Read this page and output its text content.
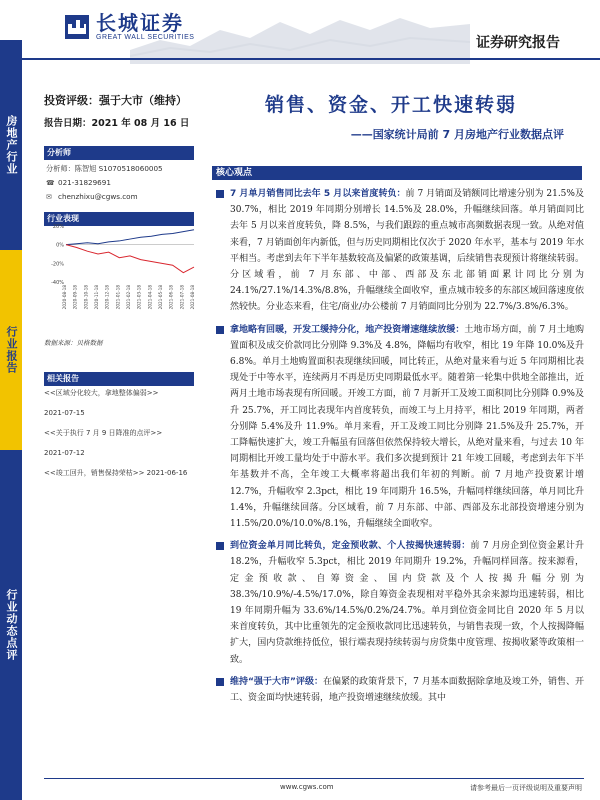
长城证券
GREAT WALL SECURITIES	证券研究报告
房地产行业
行业报告
行业动态点评
投资评级：强于大市（维持）
报告日期：2021 年 08 月 16 日
分析师
分析师：陈智旭 S1070518060005
☎ 021-31829691
✉ chenzhixu@cgws.com
行业表现
-40%
-20%
0%
20%
2020-08-18 2020-09-18 2020-10-18 2020-11-18 2020-12-18 2021-01-18 2021-02-18 2021-03-18 2021-04-18 2021-05-18 2021-06-18 2021-07-18 2021-08-18
数据来源：贝格数据
相关报告
<<区域分化较大，拿地整体偏弱>>
2021-07-15
<<关于执行 7 月 9 日降准的点评>>
2021-07-12
<<竣工回升，销售保持荣枯>> 2021-06-16
销售、资金、开工快速转弱
——国家统计局前 7 月房地产行业数据点评
核心观点
7 月单月销售同比去年 5 月以来首度转负：前 7 月销面及销额同比增速分别为 21.5%及 30.7%，相比 2019 年同期分别增长 14.5%及 28.0%，升幅继续回落。单月销面同比去年 5 月以来首度转负，降 8.5%，与我们跟踪的重点城市高频数据表现一致。从绝对值来看，7 月销面创年内新低，但与历史同期相比仅次于 2020 年水平，基本与 2019 年水平相当。考虑到去年下半年基数较高及偏紧的政策基调，后续销售表现预计将继续转弱。分区域看，前 7 月东部、中部、西部及东北部销面累计同比分别为 24.1%/27.1%/14.3%/8.8%，升幅继续全面收窄，重点城市较多的东部区域回落速度依然较快。分业态来看，住宅/商业/办公楼前 7 月销面同比分别为 22.7%/3.8%/6.3%。
拿地略有回暖，开发工缓持分化，地产投资增速继续放缓：土地市场方面，前 7 月土地购置面积及成交价款同比分别降 9.3%及 4.8%，降幅均有收窄，相比 19 年降 10.0%及升 6.8%。单月土地购置面积表现继续回暖，同比转正，从绝对量来看与近 5 年同期相比表现处于中等水平，连续两月不再是历史同期最低水平。随着第一轮集中供地全部推出，近两月土地市场表现有所回暖。开竣工方面，前 7 月新开工及竣工面积同比分别降 0.9%及升 25.7%，开工同比表现年内首度转负，而竣工与上月持平，相比 2019 年同期，两者分别降 5.4%及升 11.9%。单月来看，开工及竣工同比分别降 21.5%及升 25.7%，开工降幅快速扩大，竣工升幅虽有回落但依然保持较大增长，从绝对量来看，与过去 10 年同期相比开竣工量均处于中游水平。我们多次提到预计 21 年竣工回暖，考虑到去年下半年基数并不高，全年竣工大概率将超出我们年初的判断。前 7 月地产投资累计增 12.7%，升幅收窄 2.3pct，相比 19 年同期升 16.5%，升幅同样继续回落，单月同比升 1.4%，升幅继续回落。分区域看，前 7 月东部、中部、西部及东北部投资增速分别为 11.5%/20.0%/10.0%/8.1%，升幅继续全面收窄。
到位资金单月同比转负，定金预收款、个人按揭快速转弱：前 7 月房企到位资金累计升 18.2%，升幅收窄 5.3pct，相比 2019 年同期升 19.2%，升幅同样回落。按来源看，定金预收款、自筹资金、国内贷款及个人按揭升幅分别为 38.3%/10.9%/-4.5%/17.0%，除自筹资金表现相对平稳外其余来源均迅速转弱，相比 19 年同期升幅为 33.6%/14.5%/0.2%/24.7%。单月到位资金同比自 2020 年 5 月以来首度转负，其中比重领先的定金预收款同比迅速转负，与销售表现一致，个人按揭降幅扩大，国内贷款维持低位，银行端表现持续转弱与房贷集中度管理、按揭收紧等政策相一致。
维持“强于大市”评级：在偏紧的政策背景下，7 月基本面数据除拿地及竣工外，销售、开工、资金面均快速转弱，地产投资增速继续放缓。其中
www.cgws.com	请参考最后一页评级说明及重要声明
